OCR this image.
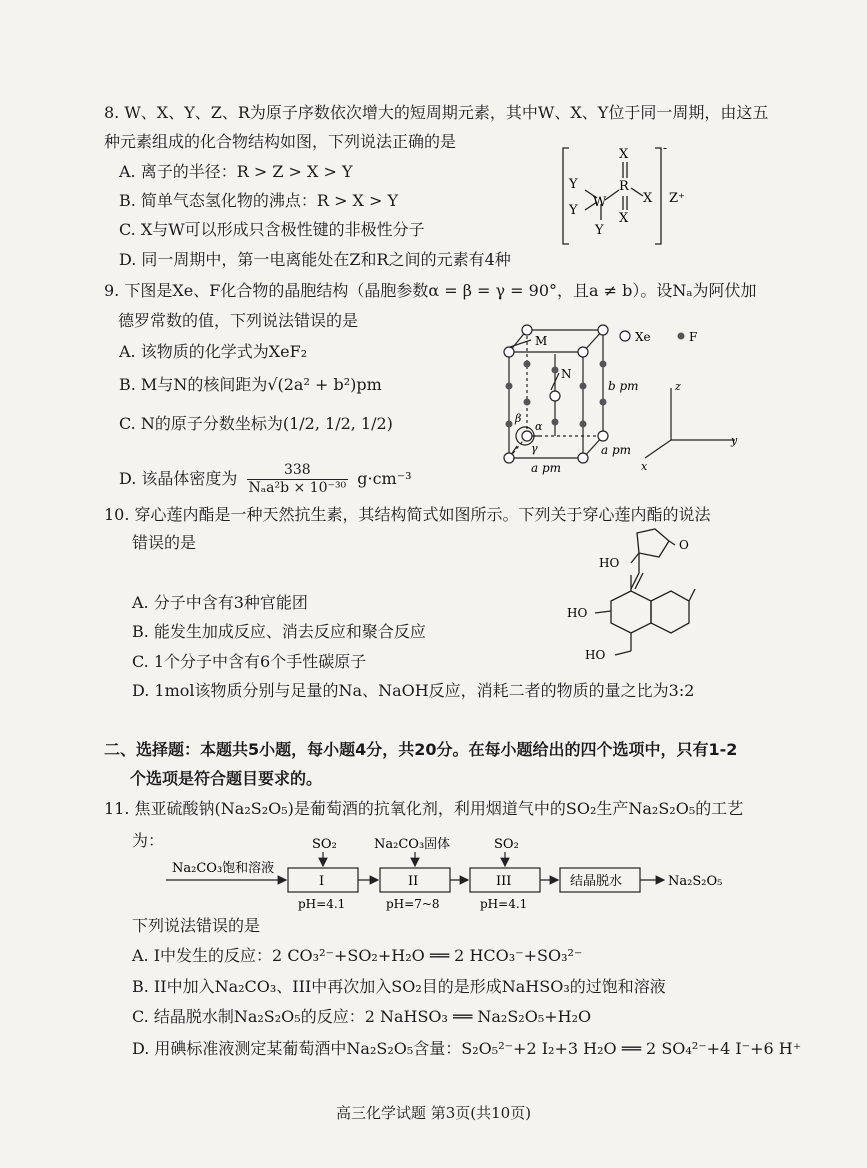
8. W、X、Y、Z、R为原子序数依次增大的短周期元素，其中W、X、Y位于同一周期，由这五
种元素组成的化合物结构如图，下列说法正确的是
A. 离子的半径：R > Z > X > Y
B. 简单气态氢化物的沸点：R > X > Y
C. X与W可以形成只含极性键的非极性分子
D. 同一周期中，第一电离能处在Z和R之间的元素有4种
X
Y
Y
W
R
X
X
Y
-
Z⁺
9. 下图是Xe、F化合物的晶胞结构（晶胞参数α = β = γ = 90°，且a ≠ b）。设Nₐ为阿伏加
德罗常数的值，下列说法错误的是
A. 该物质的化学式为XeF₂
B. M与N的核间距为√(2a² + b²)pm
C. N的原子分数坐标为(1/2, 1/2, 1/2)
D. 该晶体密度为	338
Nₐa²b × 10⁻³⁰ g·cm⁻³
M
N
b pm
a pm
a pm
α
β
γ
Xe	F
z
y
x
10. 穿心莲内酯是一种天然抗生素，其结构简式如图所示。下列关于穿心莲内酯的说法
错误的是
A. 分子中含有3种官能团
B. 能发生加成反应、消去反应和聚合反应
C. 1个分子中含有6个手性碳原子
D. 1mol该物质分别与足量的Na、NaOH反应，消耗二者的物质的量之比为3:2
O
HO
HO
HO
二、选择题：本题共5小题，每小题4分，共20分。在每小题给出的四个选项中，只有1-2
个选项是符合题目要求的。
11. 焦亚硫酸钠(Na₂S₂O₅)是葡萄酒的抗氧化剂，利用烟道气中的SO₂生产Na₂S₂O₅的工艺
为：
Na₂CO₃饱和溶液
SO₂	Na₂CO₃固体	SO₂
I	II	III	结晶脱水	Na₂S₂O₅
pH=4.1	pH=7~8	pH=4.1
下列说法错误的是
A. I中发生的反应：2 CO₃²⁻+SO₂+H₂O ══ 2 HCO₃⁻+SO₃²⁻
B. II中加入Na₂CO₃、III中再次加入SO₂目的是形成NaHSO₃的过饱和溶液
C. 结晶脱水制Na₂S₂O₅的反应：2 NaHSO₃ ══ Na₂S₂O₅+H₂O
D. 用碘标准液测定某葡萄酒中Na₂S₂O₅含量：S₂O₅²⁻+2 I₂+3 H₂O ══ 2 SO₄²⁻+4 I⁻+6 H⁺
高三化学试题 第3页(共10页)
